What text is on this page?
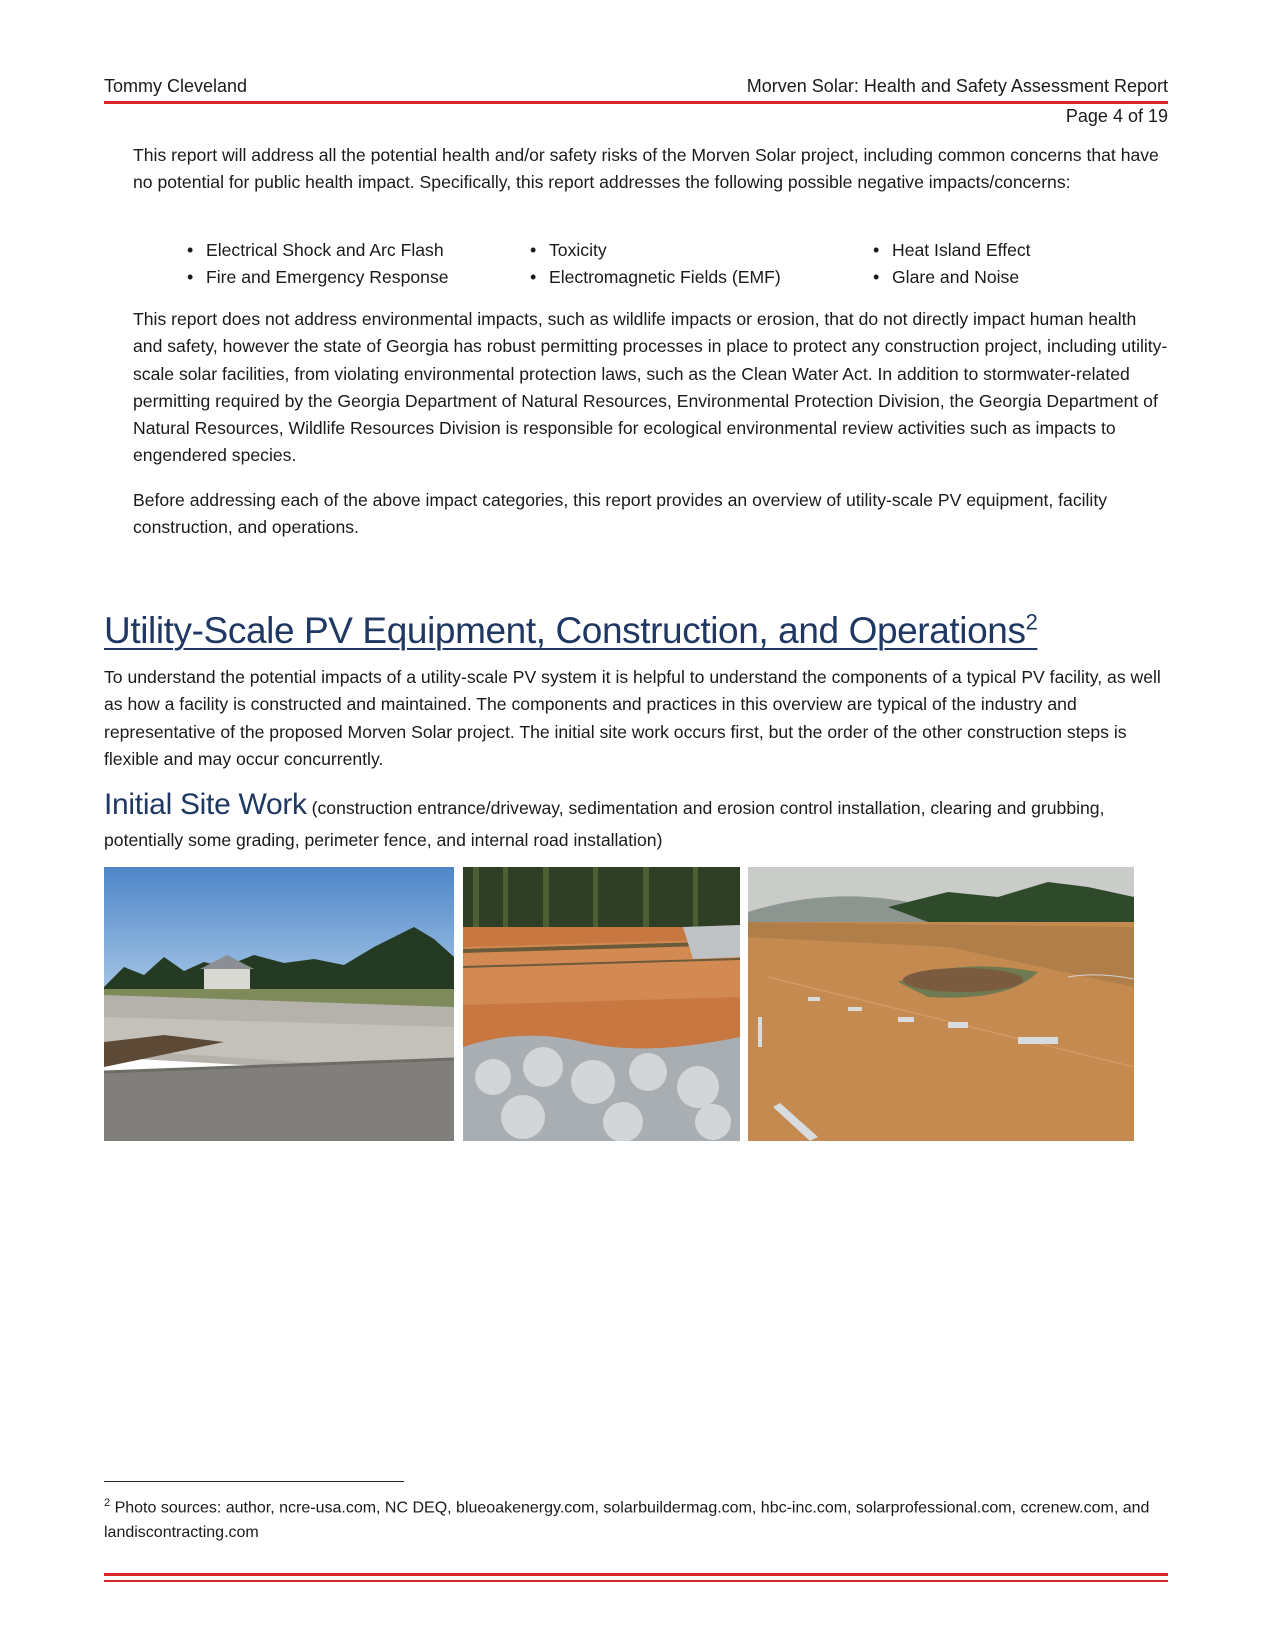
Tommy Cleveland	Morven Solar: Health and Safety Assessment Report
Page 4 of 19

This report will address all the potential health and/or safety risks of the Morven Solar project, including common concerns that have no potential for public health impact. Specifically, this report addresses the following possible negative impacts/concerns:

• Electrical Shock and Arc Flash
• Fire and Emergency Response
• Toxicity
• Electromagnetic Fields (EMF)
• Heat Island Effect
• Glare and Noise

This report does not address environmental impacts, such as wildlife impacts or erosion, that do not directly impact human health and safety, however the state of Georgia has robust permitting processes in place to protect any construction project, including utility-scale solar facilities, from violating environmental protection laws, such as the Clean Water Act. In addition to stormwater-related permitting required by the Georgia Department of Natural Resources, Environmental Protection Division, the Georgia Department of Natural Resources, Wildlife Resources Division is responsible for ecological environmental review activities such as impacts to engendered species.

Before addressing each of the above impact categories, this report provides an overview of utility-scale PV equipment, facility construction, and operations.

Utility-Scale PV Equipment, Construction, and Operations$^2$

To understand the potential impacts of a utility-scale PV system it is helpful to understand the components of a typical PV facility, as well as how a facility is constructed and maintained. The components and practices in this overview are typical of the industry and representative of the proposed Morven Solar project. The initial site work occurs first, but the order of the other construction steps is flexible and may occur concurrently.

Initial Site Work (construction entrance/driveway, sedimentation and erosion control installation, clearing and grubbing, potentially some grading, perimeter fence, and internal road installation)

$^2$ Photo sources: author, ncre-usa.com, NC DEQ, blueoakenergy.com, solarbuildermag.com, hbc-inc.com, solarprofessional.com, ccrenew.com, and landiscontracting.com
